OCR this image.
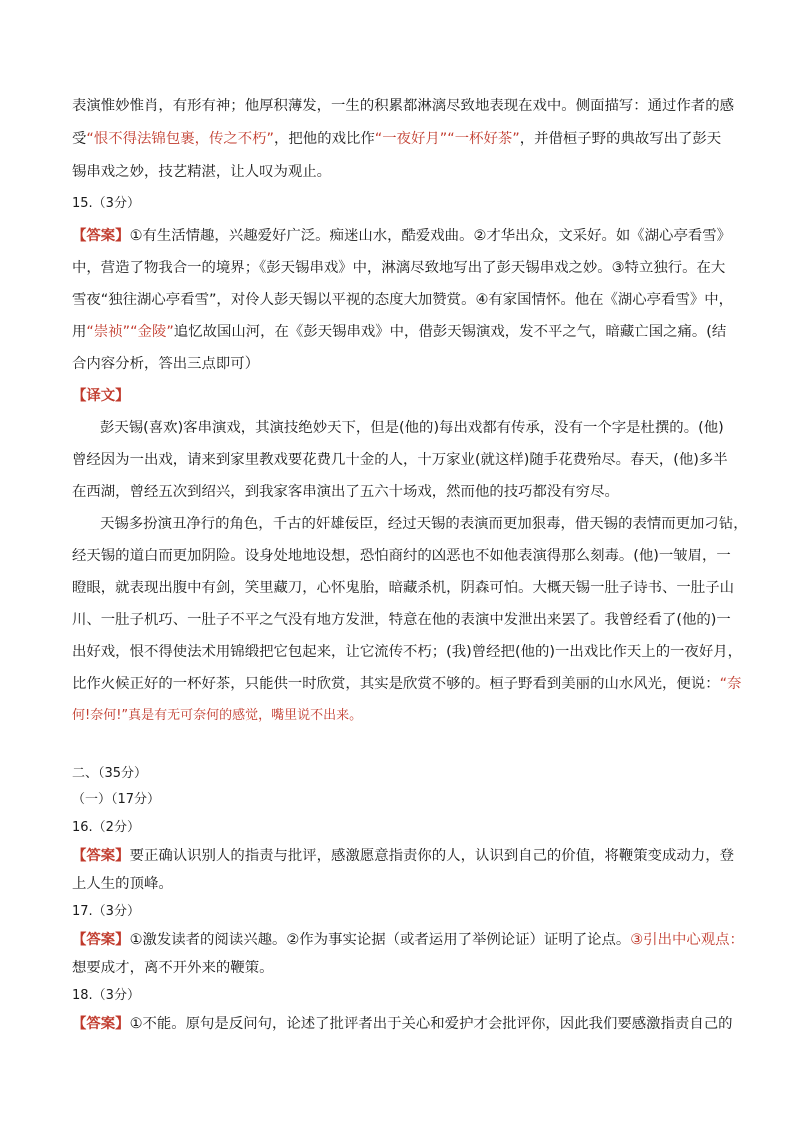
表演惟妙惟肖，有形有神；他厚积薄发，一生的积累都淋漓尽致地表现在戏中。侧面描写：通过作者的感
受“恨不得法锦包裹，传之不朽”，把他的戏比作“一夜好月”“一杯好茶”，并借桓子野的典故写出了彭天
锡串戏之妙，技艺精湛，让人叹为观止。
15.（3分）
【答案】①有生活情趣，兴趣爱好广泛。痴迷山水，酷爱戏曲。②才华出众，文采好。如《湖心亭看雪》
中，营造了物我合一的境界；《彭天锡串戏》中，淋漓尽致地写出了彭天锡串戏之妙。③特立独行。在大
雪夜“独往湖心亭看雪”，对伶人彭天锡以平视的态度大加赞赏。④有家国情怀。他在《湖心亭看雪》中，
用“崇祯”“金陵”追忆故国山河，在《彭天锡串戏》中，借彭天锡演戏，发不平之气，暗藏亡国之痛。(结
合内容分析，答出三点即可）
【译文】
彭天锡(喜欢)客串演戏，其演技绝妙天下，但是(他的)每出戏都有传承，没有一个字是杜撰的。(他)
曾经因为一出戏，请来到家里教戏要花费几十金的人，十万家业(就这样)随手花费殆尽。春天，(他)多半
在西湖，曾经五次到绍兴，到我家客串演出了五六十场戏，然而他的技巧都没有穷尽。
天锡多扮演丑净行的角色，千古的奸雄佞臣，经过天锡的表演而更加狠毒，借天锡的表情而更加刁钻，
经天锡的道白而更加阴险。设身处地地设想，恐怕商纣的凶恶也不如他表演得那么刻毒。(他)一皱眉，一
瞪眼，就表现出腹中有剑，笑里藏刀，心怀鬼胎，暗藏杀机，阴森可怕。大概天锡一肚子诗书、一肚子山
川、一肚子机巧、一肚子不平之气没有地方发泄，特意在他的表演中发泄出来罢了。我曾经看了(他的)一
出好戏，恨不得使法术用锦缎把它包起来，让它流传不朽；(我)曾经把(他的)一出戏比作天上的一夜好月，
比作火候正好的一杯好茶，只能供一时欣赏，其实是欣赏不够的。桓子野看到美丽的山水风光，便说：“奈
何!奈何!”真是有无可奈何的感觉，嘴里说不出来。
二、（35分）
（一）（17分）
16.（2分）
【答案】要正确认识别人的指责与批评，感激愿意指责你的人，认识到自己的价值，将鞭策变成动力，登
上人生的顶峰。
17.（3分）
【答案】①激发读者的阅读兴趣。②作为事实论据（或者运用了举例论证）证明了论点。③引出中心观点：
想要成才，离不开外来的鞭策。
18.（3分）
【答案】①不能。原句是反问句，论述了批评者出于关心和爱护才会批评你，因此我们要感激指责自己的
